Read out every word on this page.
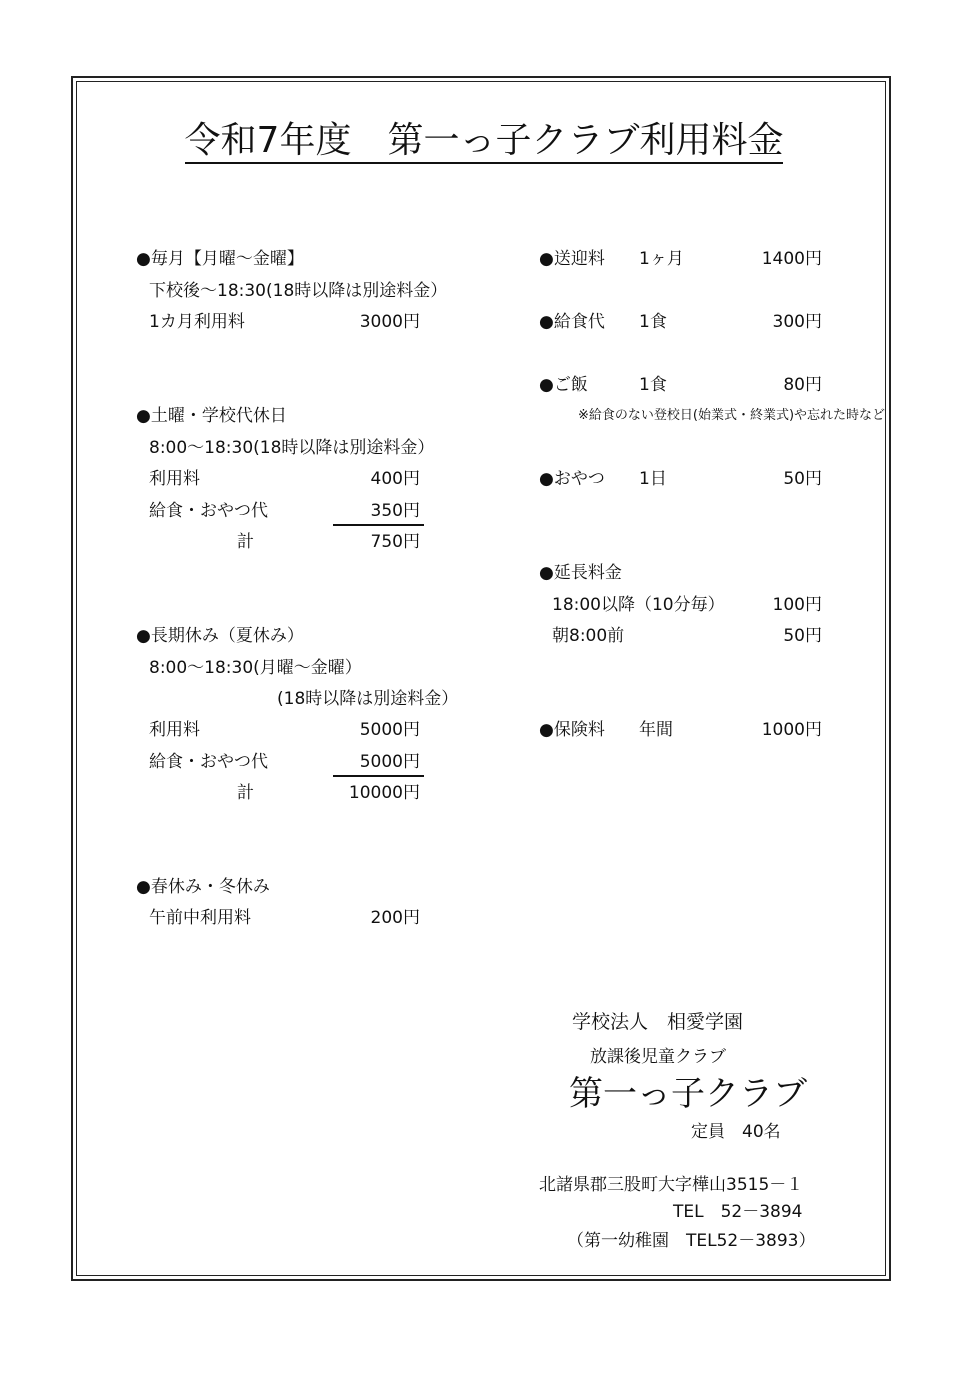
令和7年度　第一っ子クラブ利用料金
●毎月【月曜～金曜】
下校後～18:30(18時以降は別途料金）
1カ月利用料	3000円
●土曜・学校代休日
8:00～18:30(18時以降は別途料金）
利用料	400円
給食・おやつ代	350円
計	750円
●長期休み（夏休み）
8:00～18:30(月曜～金曜）
(18時以降は別途料金）
利用料	5000円
給食・おやつ代	5000円
計	10000円
●春休み・冬休み
午前中利用料	200円
●送迎料 1ヶ月	1400円
●給食代 1食	300円
●ご飯	1食	80円
※給食のない登校日(始業式・終業式)や忘れた時など
●おやつ 1日	50円
●延長料金
18:00以降（10分毎）	100円
朝8:00前	50円
●保険料 年間	1000円
学校法人　相愛学園
放課後児童クラブ
第一っ子クラブ
定員　40名
北諸県郡三股町大字樺山3515－１
TEL　52－3894
（第一幼稚園　TEL52－3893）
